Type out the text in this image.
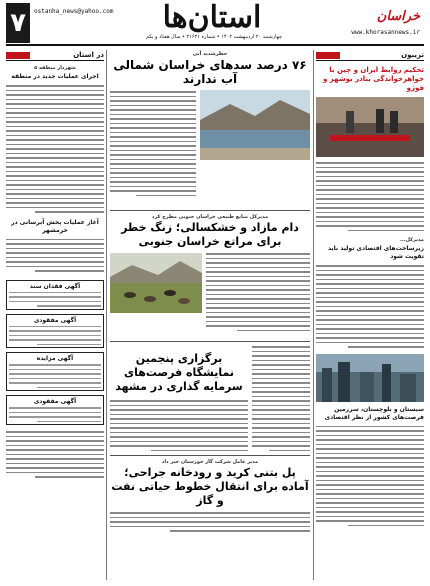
۷	ostanha_news@yahoo.com	استان‌ها	خراسان
www.khorasannews.ir
چهارشنبه ۲۰ اردیبهشت ۱۴۰۲ • شماره ۲۱۶۲۱ • سال هفتاد و یکم
تریبون
تحکیم روابط ایران و چین با خواهرخواندگی بنادر بوشهر و فوژو
مدیرکل...
زیرساخت‌های اقتصادی تولید باید تقویت شود
سیستان و بلوچستان، سرزمین فرصت‌های کشور از نظر اقتصادی
خطرشدید آبی
۷۶ درصد سدهای خراسان شمالی آب ندارند
مدیرکل منابع طبیعی خراسان جنوبی مطرح کرد
دام مازاد و خشکسالی؛ زنگ خطر برای مراتع خراسان جنوبی
برگزاری پنجمین نمایشگاه فرصت‌های سرمایه گذاری در مشهد
مدیر عامل شرکت گاز خوزستان خبر داد
پل بتنی کرید و رودخانه جراحی؛ آماده برای انتقال خطوط حیاتی نفت و گاز
در استان
شهردار منطقه ۵
اجرای عملیات جدید در منطقه
آغاز عملیات پخش آبرسانی در خرمشهر
آگهی فقدان سند
آگهی مفقودی
آگهی مزایده
آگهی مفقودی
